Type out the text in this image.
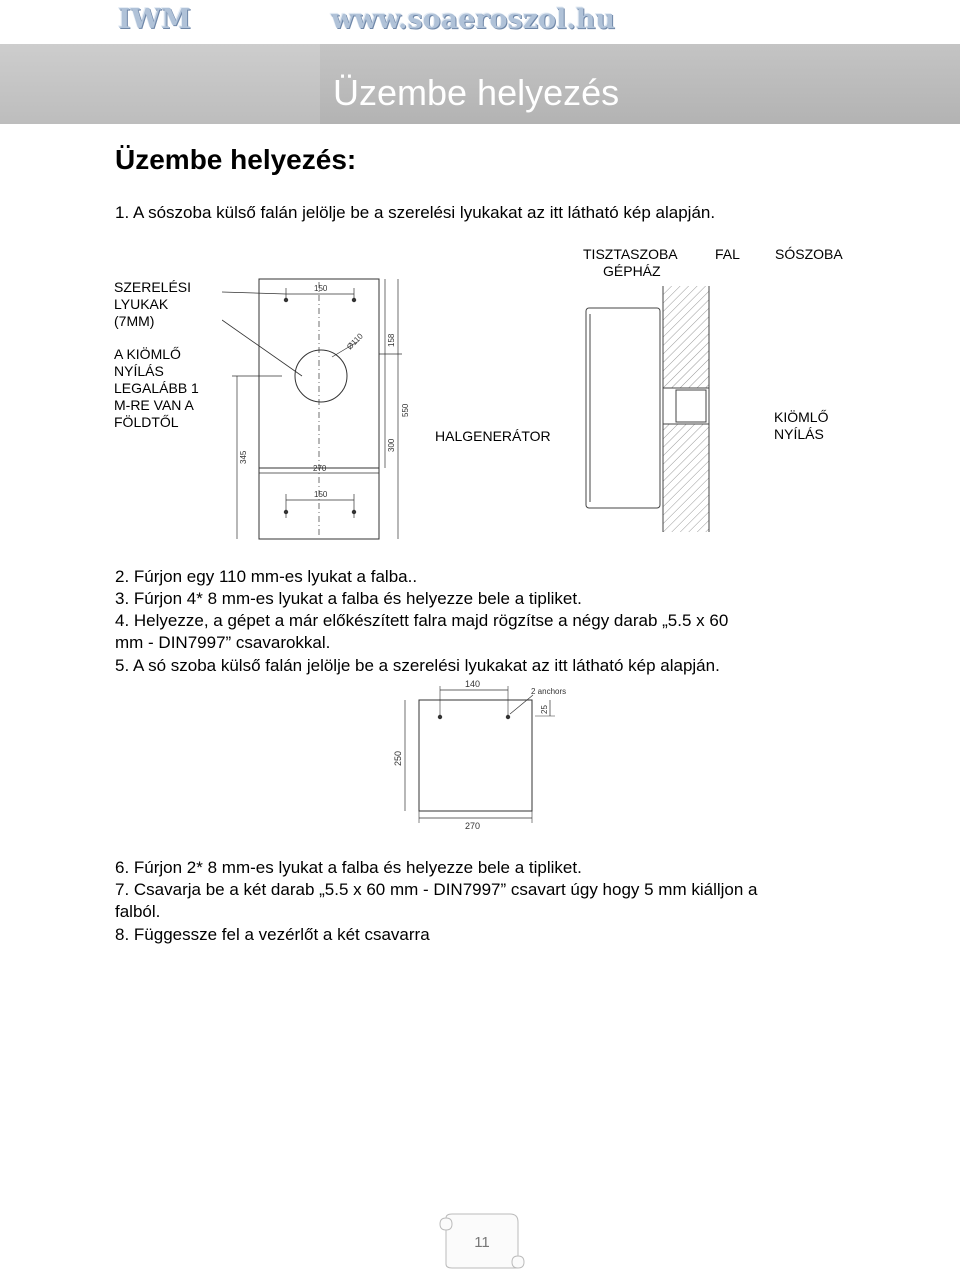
IWM	www.soaeroszol.hu
Üzembe helyezés
Üzembe helyezés:
1. A sószoba külső falán jelölje be a szerelési lyukakat az itt látható kép alapján.
SZERELÉSI
LYUKAK
(7MM)
A KIÖMLŐ
NYÍLÁS
LEGALÁBB 1
M-RE VAN A
FÖLDTŐL
HALGENERÁTOR
150
150
270
Ø110	158
550
300
345
TISZTASZOBA
GÉPHÁZ
FAL	SÓSZOBA
KIÖMLŐ
NYÍLÁS
2. Fúrjon egy 110 mm-es lyukat a falba..
3. Fúrjon 4* 8 mm-es lyukat a falba és helyezze bele a tipliket.
4. Helyezze, a gépet a már előkészített falra majd rögzítse a négy darab „5.5 x 60
mm - DIN7997” csavarokkal.
5. A só szoba külső falán jelölje be a szerelési lyukakat az itt látható kép alapján.
140
2 anchors
25
250
270
6. Fúrjon 2* 8 mm-es lyukat a falba és helyezze bele a tipliket.
7. Csavarja be a két darab „5.5 x 60 mm - DIN7997” csavart úgy hogy 5 mm kiálljon a
falból.
8. Függessze fel a vezérlőt a két csavarra
11
